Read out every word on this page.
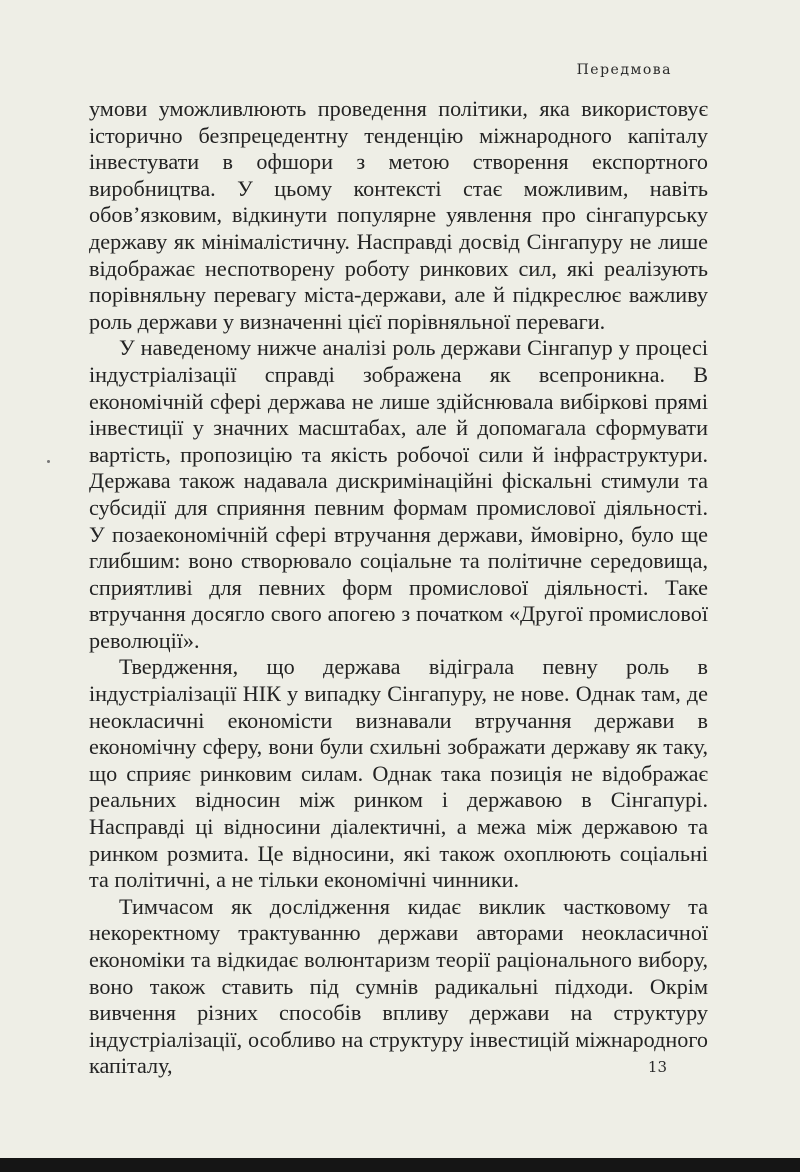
Передмова

умови уможливлюють проведення політики, яка використовує історично безпрецедентну тенденцію міжнародного капіталу інвестувати в офшори з метою створення експортного виробництва. У цьому контексті стає можливим, навіть обов’язковим, відкинути популярне уявлення про сінгапурську державу як мінімалістичну. Насправді досвід Сінгапуру не лише відображає неспотворену роботу ринкових сил, які реалізують порівняльну перевагу міста-держави, але й підкреслює важливу роль держави у визначенні цієї порівняльної переваги.

У наведеному нижче аналізі роль держави Сінгапур у процесі індустріалізації справді зображена як всепроникна. В економічній сфері держава не лише здійснювала вибіркові прямі інвестиції у значних масштабах, але й допомагала сформувати вартість, пропозицію та якість робочої сили й інфраструктури. Держава також надавала дискримінаційні фіскальні стимули та субсидії для сприяння певним формам промислової діяльності. У позаекономічній сфері втручання держави, ймовірно, було ще глибшим: воно створювало соціальне та політичне середовища, сприятливі для певних форм промислової діяльності. Таке втручання досягло свого апогею з початком «Другої промислової революції».

Твердження, що держава відіграла певну роль в індустріалізації НІК у випадку Сінгапуру, не нове. Однак там, де неокласичні економісти визнавали втручання держави в економічну сферу, вони були схильні зображати державу як таку, що сприяє ринковим силам. Однак така позиція не відображає реальних відносин між ринком і державою в Сінгапурі. Насправді ці відносини діалектичні, а межа між державою та ринком розмита. Це відносини, які також охоплюють соціальні та політичні, а не тільки економічні чинники.

Тимчасом як дослідження кидає виклик частковому та некоректному трактуванню держави авторами неокласичної економіки та відкидає волюнтаризм теорії раціонального вибору, воно також ставить під сумнів радикальні підходи. Окрім вивчення різних способів впливу держави на структуру індустріалізації, особливо на структуру інвестицій міжнародного капіталу,	13
